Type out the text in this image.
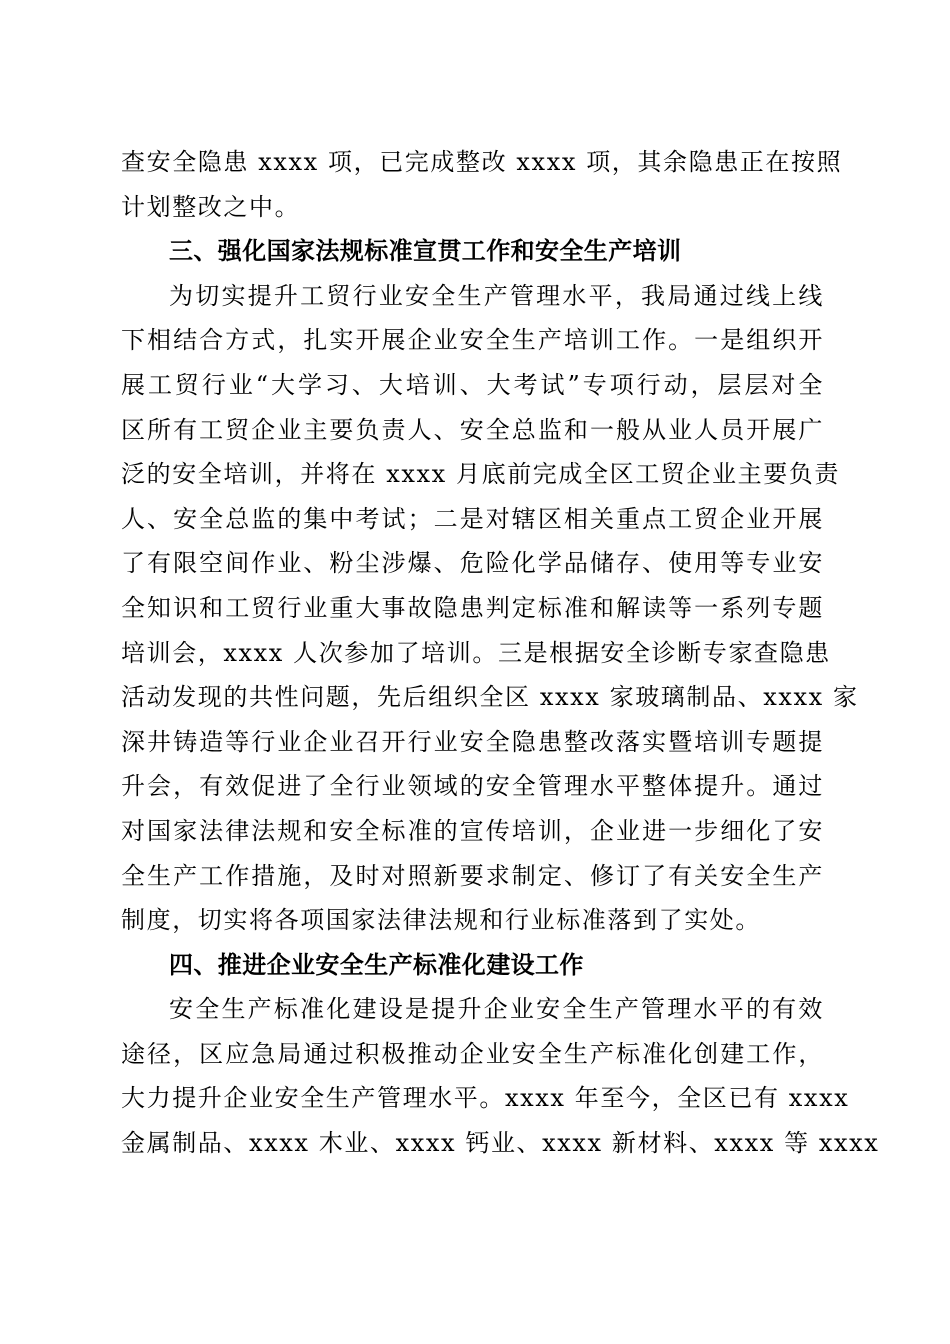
查安全隐患 xxxx 项，已完成整改 xxxx 项，其余隐患正在按照
计划整改之中。
三、强化国家法规标准宣贯工作和安全生产培训
为切实提升工贸行业安全生产管理水平，我局通过线上线
下相结合方式，扎实开展企业安全生产培训工作。一是组织开
展工贸行业“大学习、大培训、大考试”专项行动，层层对全
区所有工贸企业主要负责人、安全总监和一般从业人员开展广
泛的安全培训，并将在 xxxx 月底前完成全区工贸企业主要负责
人、安全总监的集中考试；二是对辖区相关重点工贸企业开展
了有限空间作业、粉尘涉爆、危险化学品储存、使用等专业安
全知识和工贸行业重大事故隐患判定标准和解读等一系列专题
培训会，xxxx 人次参加了培训。三是根据安全诊断专家查隐患
活动发现的共性问题，先后组织全区 xxxx 家玻璃制品、xxxx 家
深井铸造等行业企业召开行业安全隐患整改落实暨培训专题提
升会，有效促进了全行业领域的安全管理水平整体提升。通过
对国家法律法规和安全标准的宣传培训，企业进一步细化了安
全生产工作措施，及时对照新要求制定、修订了有关安全生产
制度，切实将各项国家法律法规和行业标准落到了实处。
四、推进企业安全生产标准化建设工作
安全生产标准化建设是提升企业安全生产管理水平的有效
途径，区应急局通过积极推动企业安全生产标准化创建工作，
大力提升企业安全生产管理水平。xxxx 年至今，全区已有 xxxx
金属制品、xxxx 木业、xxxx 钙业、xxxx 新材料、xxxx 等 xxxx
